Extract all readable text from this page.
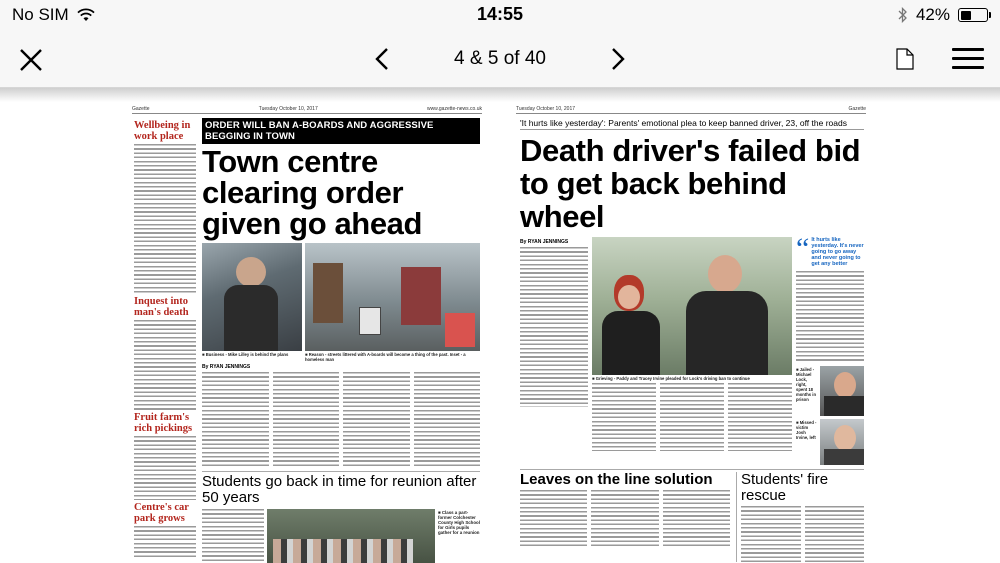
No SIM	14:55	42%
4 & 5 of 40
Gazette	Tuesday October 10, 2017	www.gazette-news.co.uk
Wellbeing in work place
Inquest into man's death
Fruit farm's rich pickings
Centre's car park grows
ORDER WILL BAN A-BOARDS AND AGGRESSIVE BEGGING IN TOWN
Town centre clearing order given go ahead
■ Business - Mike Lilley is behind the plans	■ Reason - streets littered with A-boards will become a thing of the past. Inset - a homeless man
By RYAN JENNINGS
Students go back in time for reunion after 50 years
■ Class a part- former Colchester County High School for Girls pupils gather for a reunion
Tuesday October 10, 2017	Gazette
'It hurts like yesterday': Parents' emotional plea to keep banned driver, 23, off the roads
Death driver's failed bid to get back behind wheel
By RYAN JENNINGS
■ Grieving - Paddy and Tracey Irvine pleaded for Lock's driving ban to continue
“ It hurts like yesterday. It's never going to go away and never going to get any better
■ Jailed - Michael Lock, right, spent 18 months in prison
■ Missed - victim Josh Irvine, left
Leaves on the line solution	Students' fire rescue
